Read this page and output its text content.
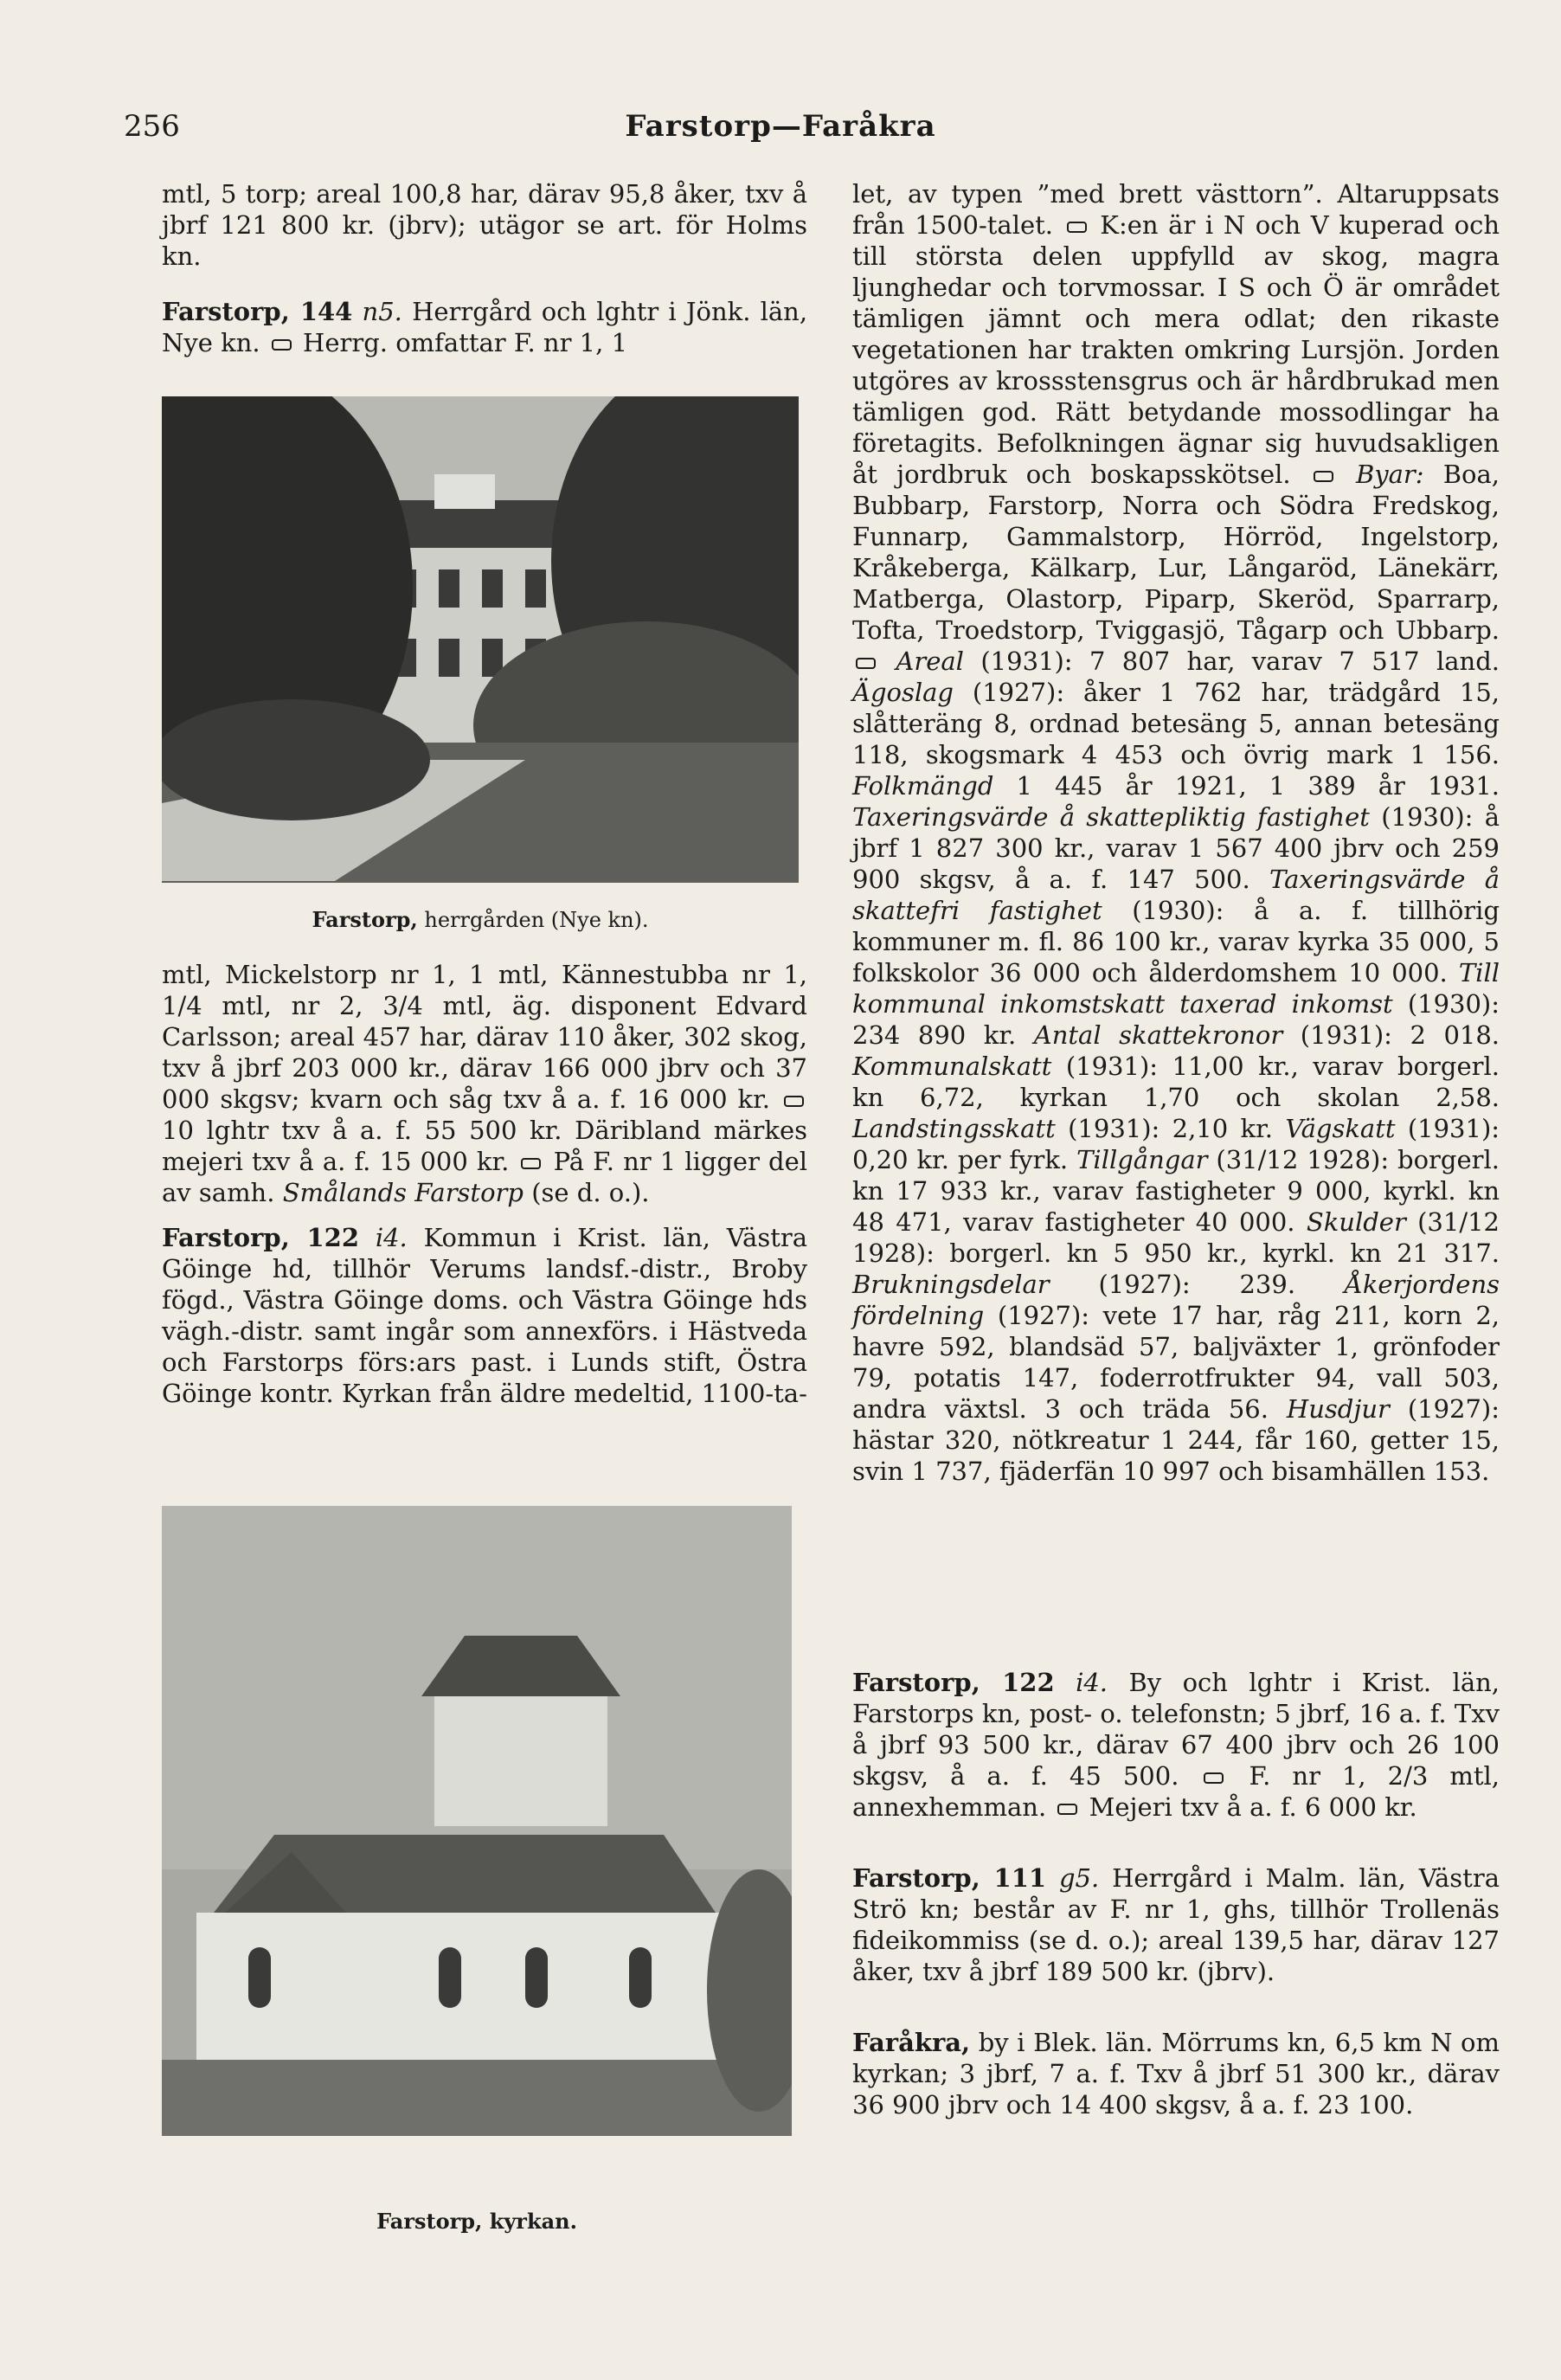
256	Farstorp—Faråkra

mtl, 5 torp; areal 100,8 har, därav 95,8 åker, txv å jbrf 121 800 kr. (jbrv); utägor se art. för Holms kn.

Farstorp, 144 n5. Herrgård och lghtr i Jönk. län, Nye kn. Herrg. omfattar F. nr 1, 1

Farstorp, herrgården (Nye kn).

mtl, Mickelstorp nr 1, 1 mtl, Kännestubba nr 1, 1/4 mtl, nr 2, 3/4 mtl, äg. disponent Edvard Carlsson; areal 457 har, därav 110 åker, 302 skog, txv å jbrf 203 000 kr., därav 166 000 jbrv och 37 000 skgsv; kvarn och såg txv å a. f. 16 000 kr.  10 lghtr txv å a. f. 55 500 kr. Däribland märkes mejeri txv å a. f. 15 000 kr. På F. nr 1 ligger del av samh. Smålands Farstorp (se d. o.).

Farstorp, 122 i4. Kommun i Krist. län, Västra Göinge hd, tillhör Verums landsf.-distr., Broby fögd., Västra Göinge doms. och Västra Göinge hds vägh.-distr. samt ingår som annexförs. i Hästveda och Farstorps förs:ars past. i Lunds stift, Östra Göinge kontr. Kyrkan från äldre medeltid, 1100-ta-

Farstorp, kyrkan.

let, av typen ”med brett västtorn”. Altaruppsats från 1500-talet. K:en är i N och V kuperad och till största delen uppfylld av skog, magra ljunghedar och torvmossar. I S och Ö är området tämligen jämnt och mera odlat; den rikaste vegetationen har trakten omkring Lursjön. Jorden utgöres av krossstensgrus och är hårdbrukad men tämligen god. Rätt betydande mossodlingar ha företagits. Befolkningen ägnar sig huvudsakligen åt jordbruk och boskapsskötsel.	Byar: Boa, Bubbarp, Farstorp, Norra och Södra Fredskog, Funnarp, Gammalstorp, Hörröd, Ingelstorp, Kråkeberga, Kälkarp, Lur, Långaröd, Länekärr, Matberga, Olastorp, Piparp, Skeröd, Sparrarp, Tofta, Troedstorp, Tviggasjö, Tågarp och Ubbarp.  Areal (1931): 7 807 har, varav 7 517 land. Ägoslag (1927): åker 1 762 har, trädgård 15, slåtteräng 8, ordnad betesäng 5, annan betesäng 118, skogsmark 4 453 och övrig mark 1 156. Folkmängd 1 445 år 1921, 1 389 år 1931. Taxeringsvärde å skattepliktig fastighet (1930): å jbrf 1 827 300 kr., varav 1 567 400 jbrv och 259 900 skgsv, å a. f. 147 500. Taxeringsvärde å skattefri fastighet (1930): å a. f. tillhörig kommuner m. fl. 86 100 kr., varav kyrka 35 000, 5 folkskolor 36 000 och ålderdomshem 10 000. Till kommunal inkomstskatt taxerad inkomst (1930): 234 890 kr. Antal skattekronor (1931): 2 018. Kommunalskatt (1931): 11,00 kr., varav borgerl. kn 6,72, kyrkan 1,70 och skolan 2,58. Landstingsskatt (1931): 2,10 kr. Vägskatt (1931): 0,20 kr. per fyrk. Tillgångar (31/12 1928): borgerl. kn 17 933 kr., varav fastigheter 9 000, kyrkl. kn 48 471, varav fastigheter 40 000. Skulder (31/12 1928): borgerl. kn 5 950 kr., kyrkl. kn 21 317. Brukningsdelar (1927): 239. Åkerjordens fördelning (1927): vete 17 har, råg 211, korn 2, havre 592, blandsäd 57, baljväxter 1, grönfoder 79, potatis 147, foderrotfrukter 94, vall 503, andra växtsl. 3 och träda 56. Husdjur (1927): hästar 320, nötkreatur 1 244, får 160, getter 15, svin 1 737, fjäderfän 10 997 och bisamhällen 153.

Farstorp, 122 i4. By och lghtr i Krist. län, Farstorps kn, post- o. telefonstn; 5 jbrf, 16 a. f. Txv å jbrf 93 500 kr., därav 67 400 jbrv och 26 100 skgsv, å a. f. 45 500.	F. nr 1, 2/3 mtl, annexhemman. Mejeri txv å a. f. 6 000 kr.

Farstorp, 111 g5. Herrgård i Malm. län, Västra Strö kn; består av F. nr 1, ghs, tillhör Trollenäs fideikommiss (se d. o.); areal 139,5 har, därav 127 åker, txv å jbrf 189 500 kr. (jbrv).

Faråkra, by i Blek. län. Mörrums kn, 6,5 km N om kyrkan; 3 jbrf, 7 a. f. Txv å jbrf 51 300 kr., därav 36 900 jbrv och 14 400 skgsv, å a. f. 23 100.
